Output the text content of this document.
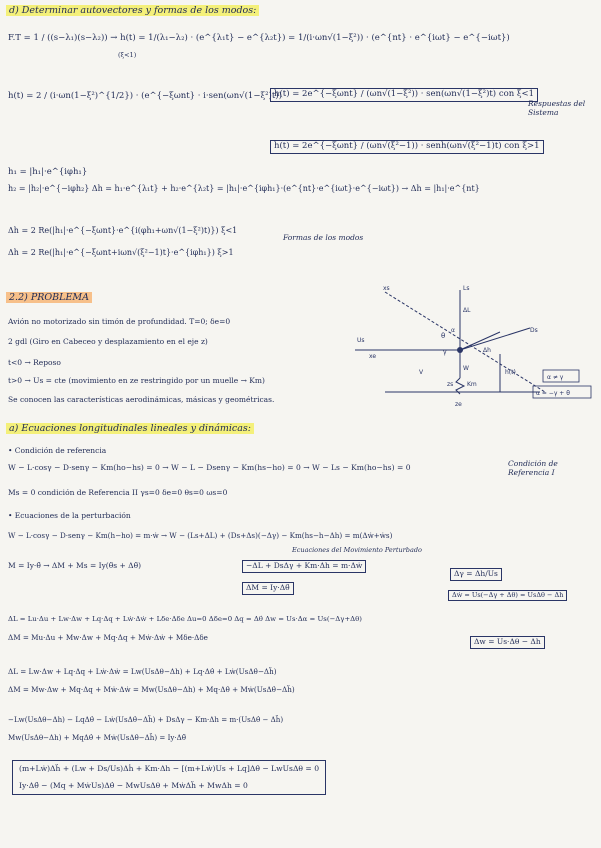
d) Determinar autovectores y formas de los modos:
F.T = 1 / ((s−λ₁)(s−λ₂)) → h(t) = 1/(λ₁−λ₂) · (e^{λ₁t} − e^{λ₂t}) = 1/(i·ωn√(1−ξ²)) · (e^{nt} · e^{iωt} − e^{−iωt})
(ξ<1)
h(t) = 2 / (i·ωn(1−ξ²)^{1/2}) · (e^{−ξωnt} · i·sen(ωn√(1−ξ²)t))
h(t) = 2e^{−ξωnt} / (ωn√(1−ξ²)) · sen(ωn√(1−ξ²)t) con ξ<1
h(t) = 2e^{−ξωnt} / (ωn√(ξ²−1)) · senh(ωn√(ξ²−1)t) con ξ>1
Respuestas del Sistema
h₁ = |h₁|·e^{iφh₁}
h₂ = |h₂|·e^{−iφh₂} Δh = h₁·e^{λ₁t} + h₂·e^{λ₂t} = |h₁|·e^{iφh₁}·(e^{nt}·e^{iωt}·e^{−iωt}) → Δh = |h₁|·e^{nt}
Δh = 2 Re(|h₁|·e^{−ξωnt}·e^{i(φh₁+ωn√(1−ξ²)t)}) ξ<1
Δh = 2 Re(|h₁|·e^{−ξωnt+iωn√(ξ²−1)t}·e^{iφh₁}) ξ>1
Formas de los modos
2.2) PROBLEMA
Avión no motorizado sin timón de profundidad. T=0; δe=0
2 gdl (Giro en Cabeceo y desplazamiento en el eje z)
t<0 → Reposo
t>0 → Us = cte (movimiento en ze restringido por un muelle → Km)
Se conocen las características aerodinámicas, másicas y geométricas.
xs	Ls
ΔL
Ds
Us
xe
θ
α
γ
V
W
zs Km
h(t)
ze
Δh
α ≠ γ
α = −γ + θ
a) Ecuaciones longitudinales lineales y dinámicas:
• Condición de referencia
W − L·cosγ − D·senγ − Km(ho−hs) = 0 → W − L − Dsenγ − Km(hs−ho) = 0 → W − Ls − Km(ho−hs) = 0	Condición de Referencia I
Ms = 0 condición de Referencia II γs=0 δe=0 θs=0 ωs=0
• Ecuaciones de la perturbación
W − L·cosγ − D·senγ − Km(h−ho) = m·ẇ → W − (Ls+ΔL) + (Ds+Δs)(−Δγ) − Km(hs−h−Δh) = m(Δẇ+ẇs)
Ecuaciones del Movimiento Perturbado
M = Iy·θ̈ → ΔM + Ms = Iy(θ̈s + Δθ̈)	−ΔL + DsΔγ + Km·Δh = m·Δẇ
ΔM = Iy·Δθ̈
Δγ = Δh/Us
Δẇ = Us(−Δγ + Δθ) = UsΔθ − Δh
ΔL = Lu·Δu + Lw·Δw + Lq·Δq + Lẇ·Δẇ + Lδe·Δδe Δu=0 Δδe=0 Δq = Δθ̇ Δw = Us·Δα = Us(−Δγ+Δθ)
ΔM = Mu·Δu + Mw·Δw + Mq·Δq + Mẇ·Δẇ + Mδe·Δδe	Δw = Us·Δθ − Δh
ΔL = Lw·Δw + Lq·Δq + Lẇ·Δẇ = Lw(UsΔθ−Δh) + Lq·Δθ̇ + Lẇ(UsΔθ̇−Δḧ)
ΔM = Mw·Δw + Mq·Δq + Mẇ·Δẇ = Mw(UsΔθ−Δh) + Mq·Δθ̇ + Mẇ(UsΔθ̇−Δḧ)
−Lw(UsΔθ−Δh) − LqΔθ̇ − Lẇ(UsΔθ̇−Δḧ) + DsΔγ − Km·Δh = m·(UsΔθ̇ − Δḧ)
Mw(UsΔθ−Δh) + MqΔθ̇ + Mẇ(UsΔθ̇−Δḧ) = Iy·Δθ̈
(m+Lẇ)Δḧ + (Lw + Ds/Us)Δḣ + Km·Δh − [(m+Lẇ)Us + Lq]Δθ̇ − LwUsΔθ = 0
Iy·Δθ̈ − (Mq + MẇUs)Δθ̇ − MwUsΔθ + MẇΔḧ + MwΔh = 0
